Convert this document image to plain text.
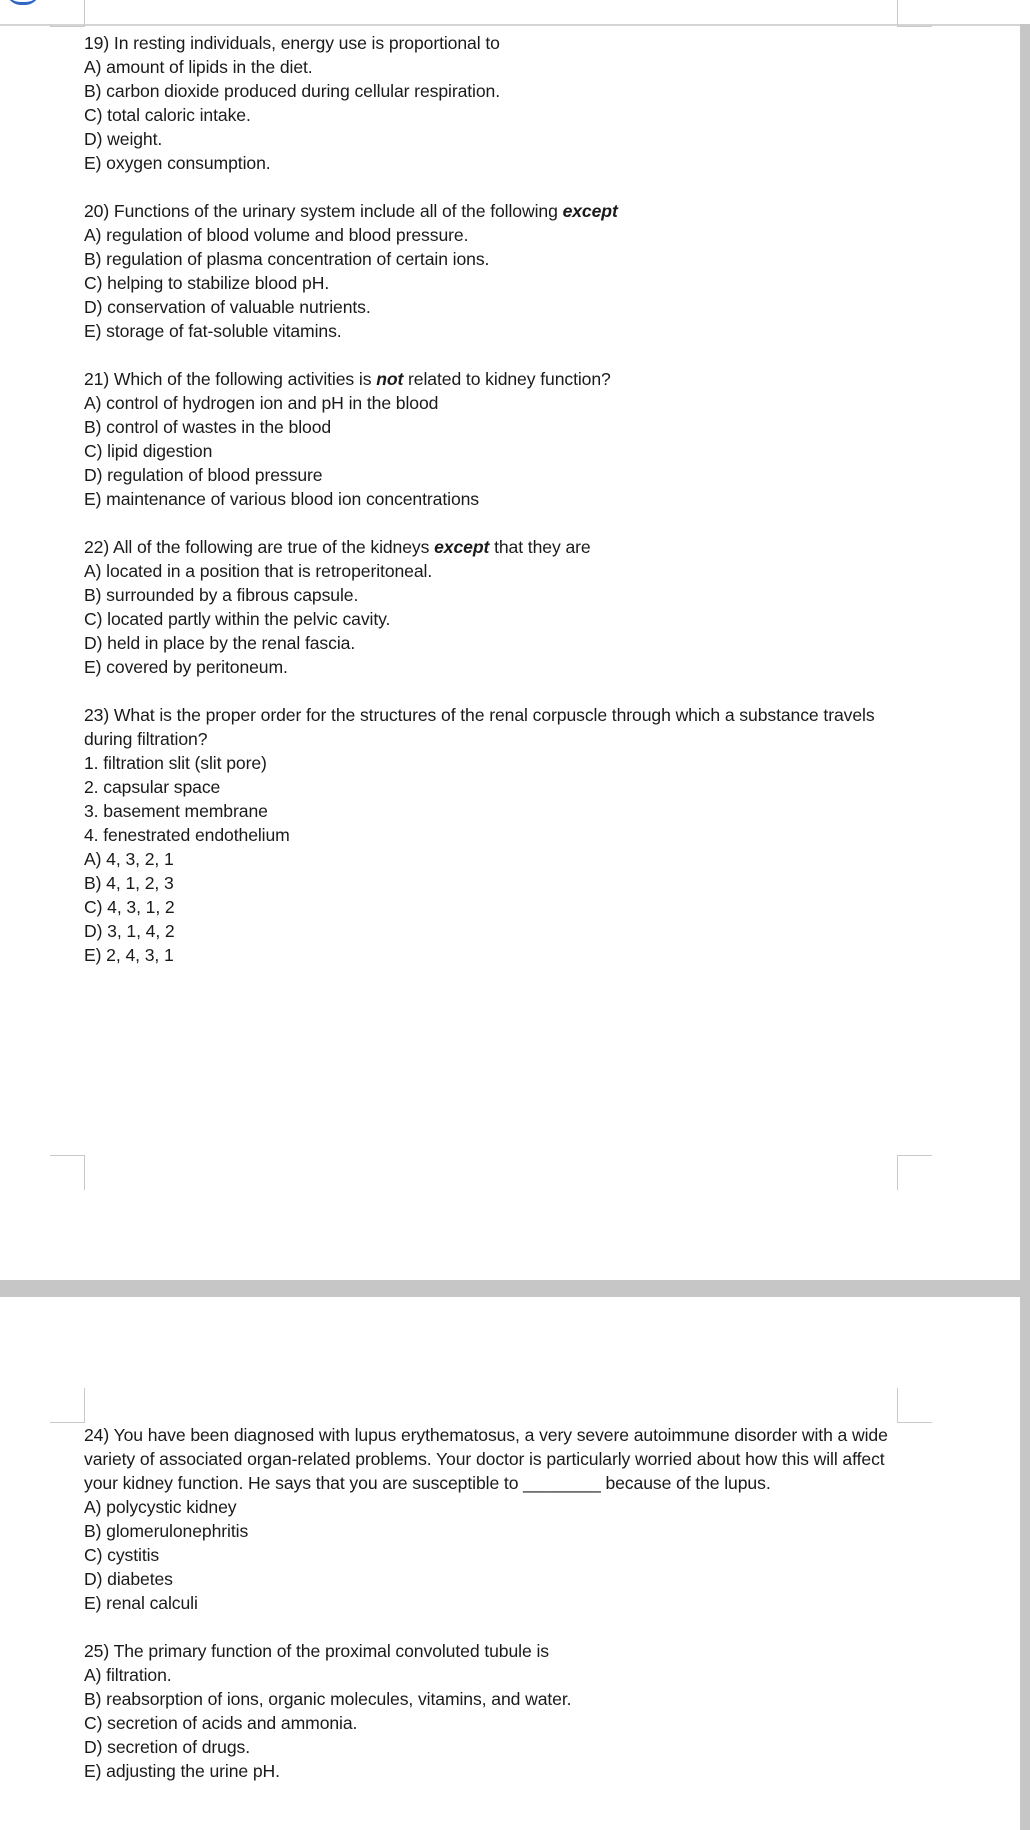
19) In resting individuals, energy use is proportional to
A) amount of lipids in the diet.
B) carbon dioxide produced during cellular respiration.
C) total caloric intake.
D) weight.
E) oxygen consumption.
20) Functions of the urinary system include all of the following except
A) regulation of blood volume and blood pressure.
B) regulation of plasma concentration of certain ions.
C) helping to stabilize blood pH.
D) conservation of valuable nutrients.
E) storage of fat-soluble vitamins.
21) Which of the following activities is not related to kidney function?
A) control of hydrogen ion and pH in the blood
B) control of wastes in the blood
C) lipid digestion
D) regulation of blood pressure
E) maintenance of various blood ion concentrations
22) All of the following are true of the kidneys except that they are
A) located in a position that is retroperitoneal.
B) surrounded by a fibrous capsule.
C) located partly within the pelvic cavity.
D) held in place by the renal fascia.
E) covered by peritoneum.
23) What is the proper order for the structures of the renal corpuscle through which a substance travels during filtration?
1. filtration slit (slit pore)
2. capsular space
3. basement membrane
4. fenestrated endothelium
A) 4, 3, 2, 1
B) 4, 1, 2, 3
C) 4, 3, 1, 2
D) 3, 1, 4, 2
E) 2, 4, 3, 1
24) You have been diagnosed with lupus erythematosus, a very severe autoimmune disorder with a wide variety of associated organ-related problems. Your doctor is particularly worried about how this will affect your kidney function. He says that you are susceptible to ________ because of the lupus.
A) polycystic kidney
B) glomerulonephritis
C) cystitis
D) diabetes
E) renal calculi
25) The primary function of the proximal convoluted tubule is
A) filtration.
B) reabsorption of ions, organic molecules, vitamins, and water.
C) secretion of acids and ammonia.
D) secretion of drugs.
E) adjusting the urine pH.
